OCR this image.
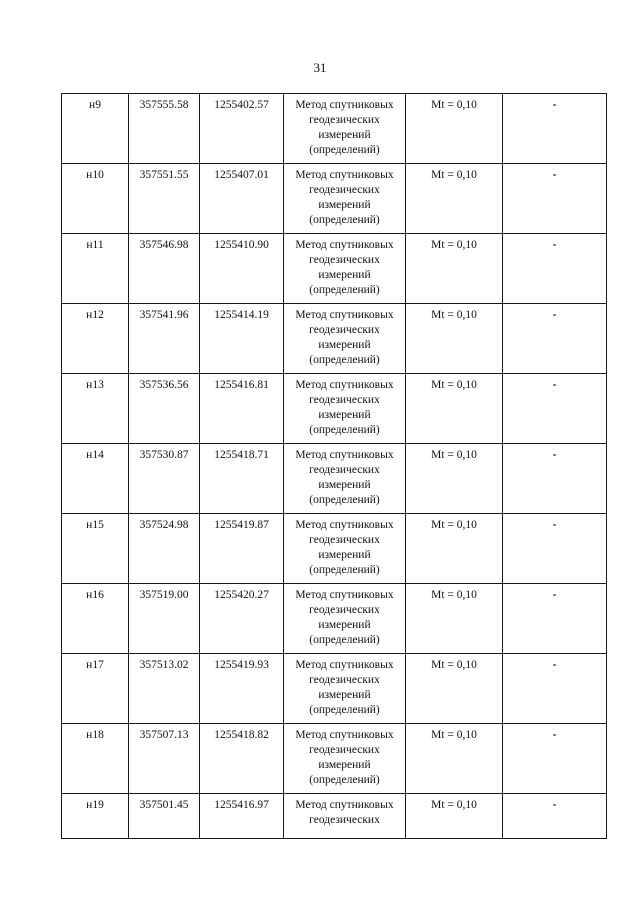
31
н9	357555.58	1255402.57	Метод спутниковых
геодезических
измерений
(определений)	Mt = 0,10	-
н10	357551.55	1255407.01	Метод спутниковых
геодезических
измерений
(определений)	Mt = 0,10	-
н11	357546.98	1255410.90	Метод спутниковых
геодезических
измерений
(определений)	Mt = 0,10	-
н12	357541.96	1255414.19	Метод спутниковых
геодезических
измерений
(определений)	Mt = 0,10	-
н13	357536.56	1255416.81	Метод спутниковых
геодезических
измерений
(определений)	Mt = 0,10	-
н14	357530.87	1255418.71	Метод спутниковых
геодезических
измерений
(определений)	Mt = 0,10	-
н15	357524.98	1255419.87	Метод спутниковых
геодезических
измерений
(определений)	Mt = 0,10	-
н16	357519.00	1255420.27	Метод спутниковых
геодезических
измерений
(определений)	Mt = 0,10	-
н17	357513.02	1255419.93	Метод спутниковых
геодезических
измерений
(определений)	Mt = 0,10	-
н18	357507.13	1255418.82	Метод спутниковых
геодезических
измерений
(определений)	Mt = 0,10	-
н19	357501.45	1255416.97	Метод спутниковых
геодезических	Mt = 0,10	-
